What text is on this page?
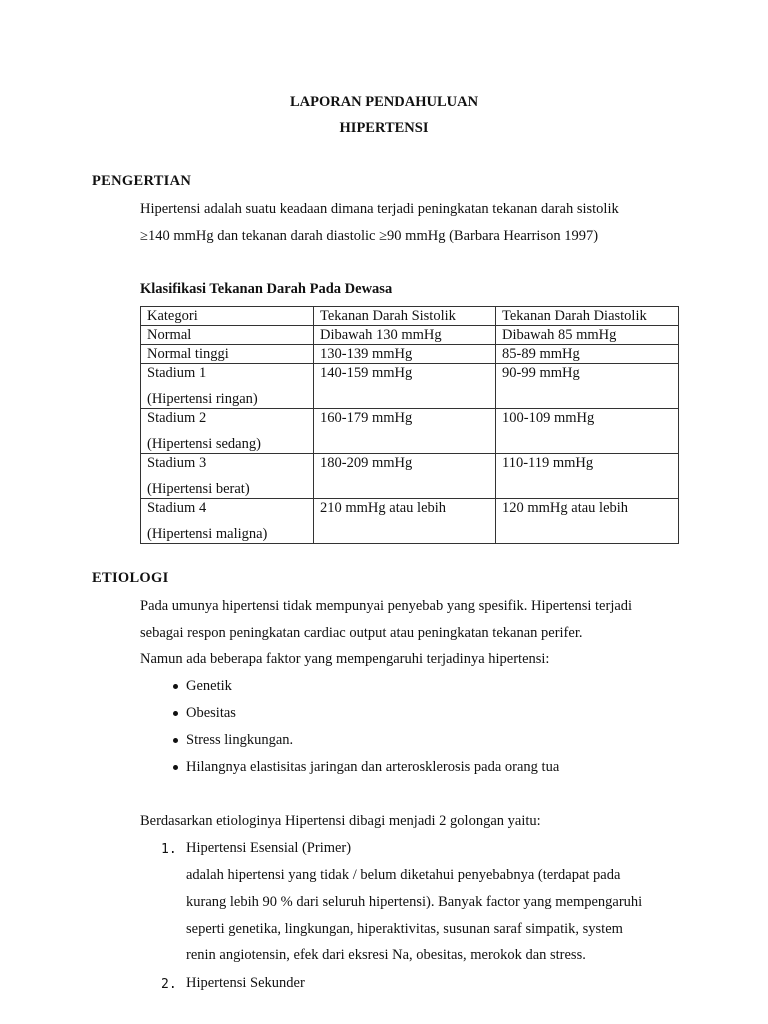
LAPORAN PENDAHULUAN
HIPERTENSI
PENGERTIAN
Hipertensi adalah suatu keadaan dimana terjadi peningkatan tekanan darah sistolik
≥140 mmHg dan tekanan darah diastolic ≥90 mmHg (Barbara Hearrison 1997)
Klasifikasi Tekanan Darah Pada Dewasa
Kategori	Tekanan Darah Sistolik	Tekanan Darah Diastolik
Normal	Dibawah 130 mmHg	Dibawah 85 mmHg
Normal tinggi	130-139 mmHg	85-89 mmHg

Stadium 1
(Hipertensi ringan)	140-159 mmHg	90-99 mmHg

Stadium 2
(Hipertensi sedang)	160-179 mmHg	100-109 mmHg

Stadium 3
(Hipertensi berat)	180-209 mmHg	110-119 mmHg

Stadium 4
(Hipertensi maligna)	210 mmHg atau lebih	120 mmHg atau lebih
ETIOLOGI
Pada umunya hipertensi tidak mempunyai penyebab yang spesifik. Hipertensi terjadi
sebagai respon peningkatan cardiac output atau peningkatan tekanan perifer.
Namun ada beberapa faktor yang mempengaruhi terjadinya hipertensi:
Genetik
Obesitas
Stress lingkungan.
Hilangnya elastisitas jaringan dan arterosklerosis pada orang tua
Berdasarkan etiologinya Hipertensi dibagi menjadi 2 golongan yaitu:
1. Hipertensi Esensial (Primer)
adalah hipertensi yang tidak / belum diketahui penyebabnya (terdapat pada
kurang lebih 90 % dari seluruh hipertensi). Banyak factor yang mempengaruhi
seperti genetika, lingkungan, hiperaktivitas, susunan saraf simpatik, system
renin angiotensin, efek dari eksresi Na, obesitas, merokok dan stress.
2. Hipertensi Sekunder
